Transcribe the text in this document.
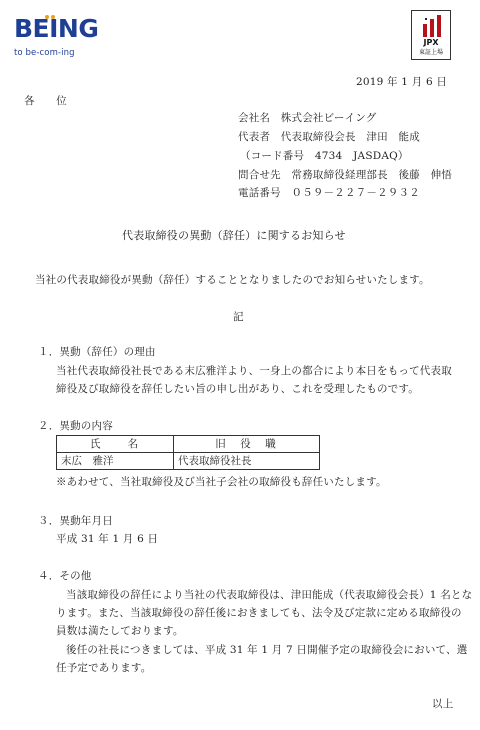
BEING
to be-com-ing
JPX
東証上場
2019 年 1 月 6 日
各　　位
会社名　株式会社ビーイング
代表者　代表取締役会長　津田　能成
（コード番号　4734　JASDAQ）
問合せ先　常務取締役経理部長　後藤　伸悟
電話番号　０５９－２２７－２９３２
代表取締役の異動（辞任）に関するお知らせ
当社の代表取締役が異動（辞任）することとなりましたのでお知らせいたします。
記
１．異動（辞任）の理由
当社代表取締役社長である末広雅洋より、一身上の都合により本日をもって代表取
締役及び取締役を辞任したい旨の申し出があり、これを受理したものです。
２．異動の内容
氏　　名	旧　役　職
末広　雅洋	代表取締役社長
※あわせて、当社取締役及び当社子会社の取締役も辞任いたします。
３．異動年月日
平成 31 年 1 月 6 日
４．その他
当該取締役の辞任により当社の代表取締役は、津田能成（代表取締役会長）1 名とな
ります。また、当該取締役の辞任後におきましても、法令及び定款に定める取締役の
員数は満たしております。
後任の社長につきましては、平成 31 年 1 月 7 日開催予定の取締役会において、選
任予定であります。
以上
